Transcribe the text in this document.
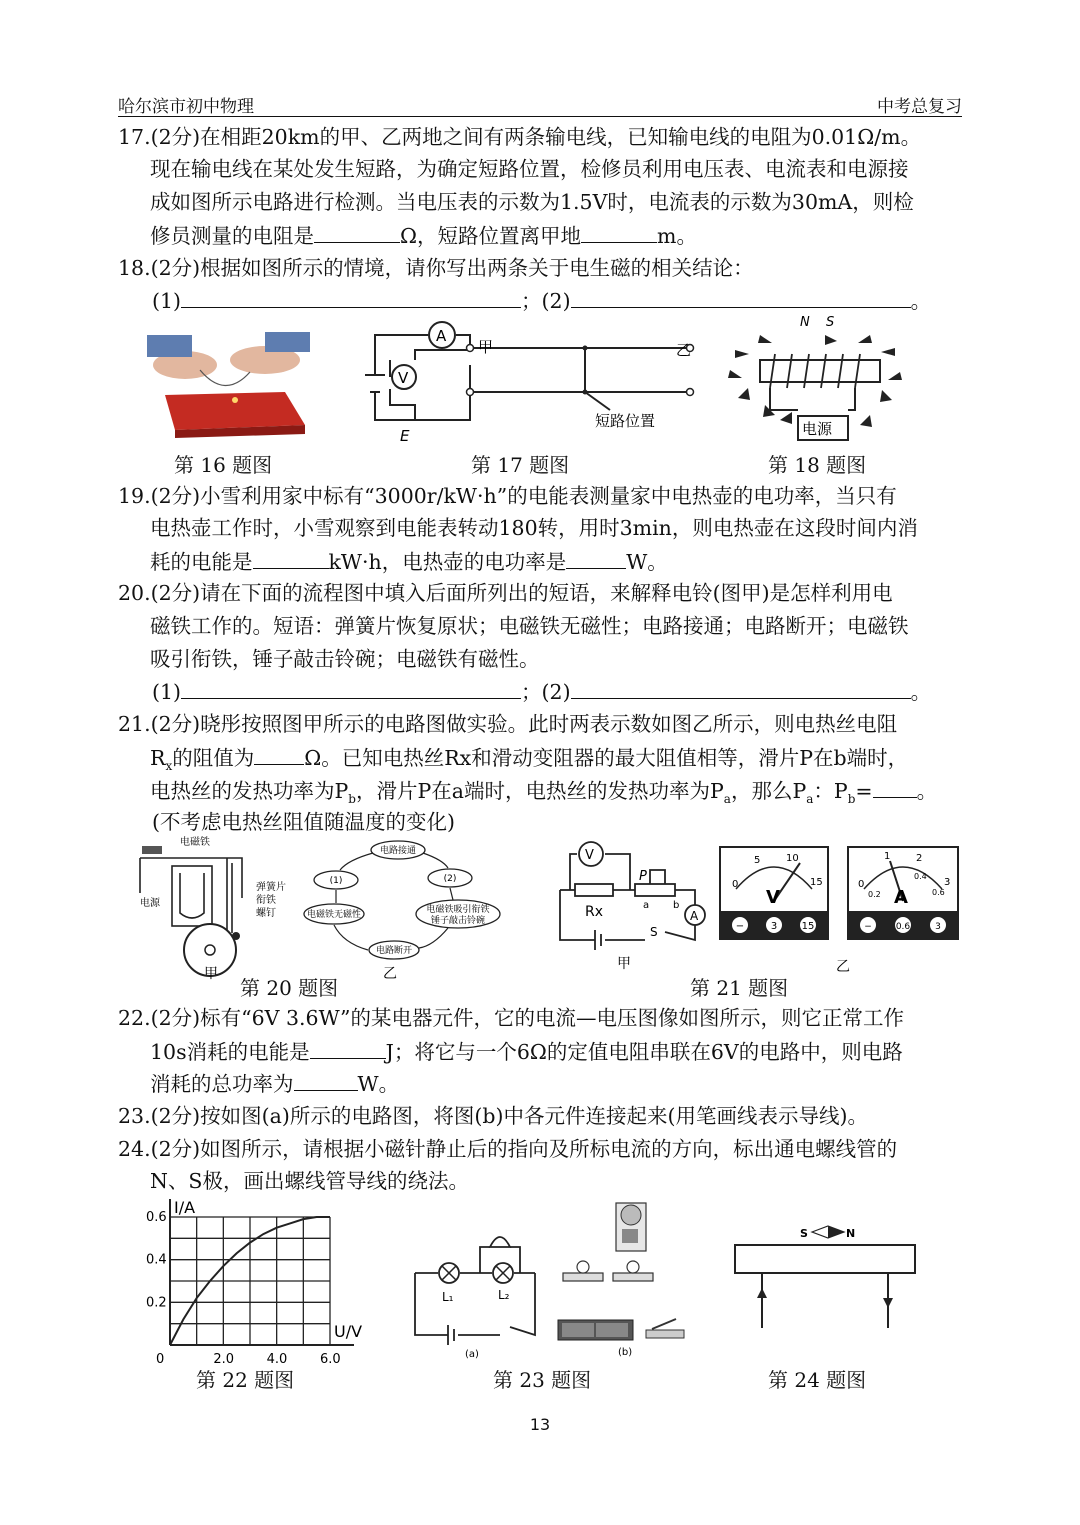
哈尔滨市初中物理	中考总复习
17.(2分)在相距20km的甲、乙两地之间有两条输电线，已知输电线的电阻为0.01Ω/m。
现在输电线在某处发生短路，为确定短路位置，检修员利用电压表、电流表和电源接
成如图所示电路进行检测。当电压表的示数为1.5V时，电流表的示数为30mA，则检
修员测量的电阻是	Ω，短路位置离甲地	m。
18.(2分)根据如图所示的情境，请你写出两条关于电生磁的相关结论：
(1)	；(2)	。
A
V
E
甲	乙
短路位置	电源
N S
第 16 题图	第 17 题图	第 18 题图
19.(2分)小雪利用家中标有“3000r/kW·h”的电能表测量家中电热壶的电功率，当只有
电热壶工作时，小雪观察到电能表转动180转，用时3min，则电热壶在这段时间内消
耗的电能是	kW·h，电热壶的电功率是	W。
20.(2分)请在下面的流程图中填入后面所列出的短语，来解释电铃(图甲)是怎样利用电
磁铁工作的。短语：弹簧片恢复原状；电磁铁无磁性；电路接通；电路断开；电磁铁
吸引衔铁，锤子敲击铃碗；电磁铁有磁性。
(1)	；(2)	。
21.(2分)晓彤按照图甲所示的电路图做实验。此时两表示数如图乙所示，则电热丝电阻
$R_x$的阻值为 Ω。已知电热丝Rx和滑动变阻器的最大阻值相等，滑片P在b端时，
电热丝的发热功率为$P_b$，滑片P在a端时，电热丝的发热功率为$P_a$，那么$P_a$：$P_b=$ 。
(不考虑电热丝阻值随温度的变化)
电磁铁
弹簧片
衔铁
螺钉
电源
甲
电路接通
(1)	(2)
电磁铁无磁性	电磁铁吸引衔铁
锤子敲击铃碗
电路断开
乙
V
A
Rx
P
a b
S
甲
0
5	10
15
V
−	3 15
0
1	2
3
0.2
0.4
0.6
A
−	0.6	3
乙
第 20 题图	第 21 题图
22.(2分)标有“6V 3.6W”的某电器元件，它的电流—电压图像如图所示，则它正常工作
10s消耗的电能是	J；将它与一个6Ω的定值电阻串联在6V的电路中，则电路
消耗的总功率为	W。
23.(2分)按如图(a)所示的电路图，将图(b)中各元件连接起来(用笔画线表示导线)。
24.(2分)如图所示，请根据小磁针静止后的指向及所标电流的方向，标出通电螺线管的
N、S极，画出螺线管导线的绕法。
I/A
U/V
0	2.0	4.0	6.0
0.2
0.4
0.6
L₁	L₂
(a)	(b)
S	N
第 22 题图	第 23 题图	第 24 题图
13
